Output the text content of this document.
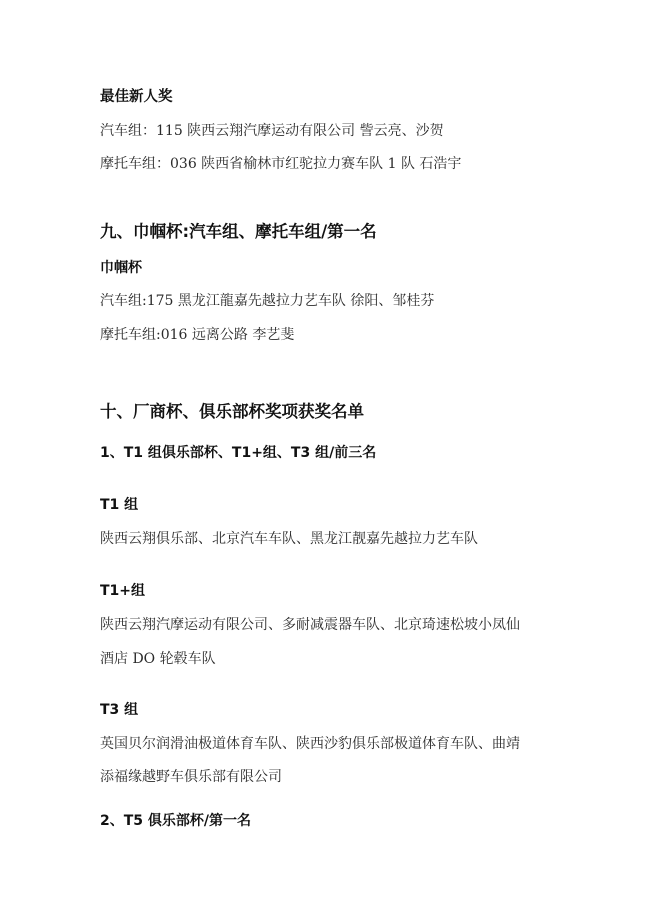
最佳新人奖
汽车组：115 陕西云翔汽摩运动有限公司 訾云亮、沙贺
摩托车组：036 陕西省榆林市红驼拉力赛车队 1 队 石浩宇
九、巾帼杯:汽车组、摩托车组/第一名
巾帼杯
汽车组:175 黑龙江龍嘉先越拉力艺车队 徐阳、邹桂芬
摩托车组:016 远离公路 李艺斐
十、厂商杯、俱乐部杯奖项获奖名单
1、T1 组俱乐部杯、T1+组、T3 组/前三名
T1 组
陕西云翔俱乐部、北京汽车车队、黑龙江靓嘉先越拉力艺车队
T1+组
陕西云翔汽摩运动有限公司、多耐减震器车队、北京琦速松坡小凤仙
酒店 DO 轮毂车队
T3 组
英国贝尔润滑油极道体育车队、陕西沙豹俱乐部极道体育车队、曲靖
添福缘越野车俱乐部有限公司
2、T5 俱乐部杯/第一名
